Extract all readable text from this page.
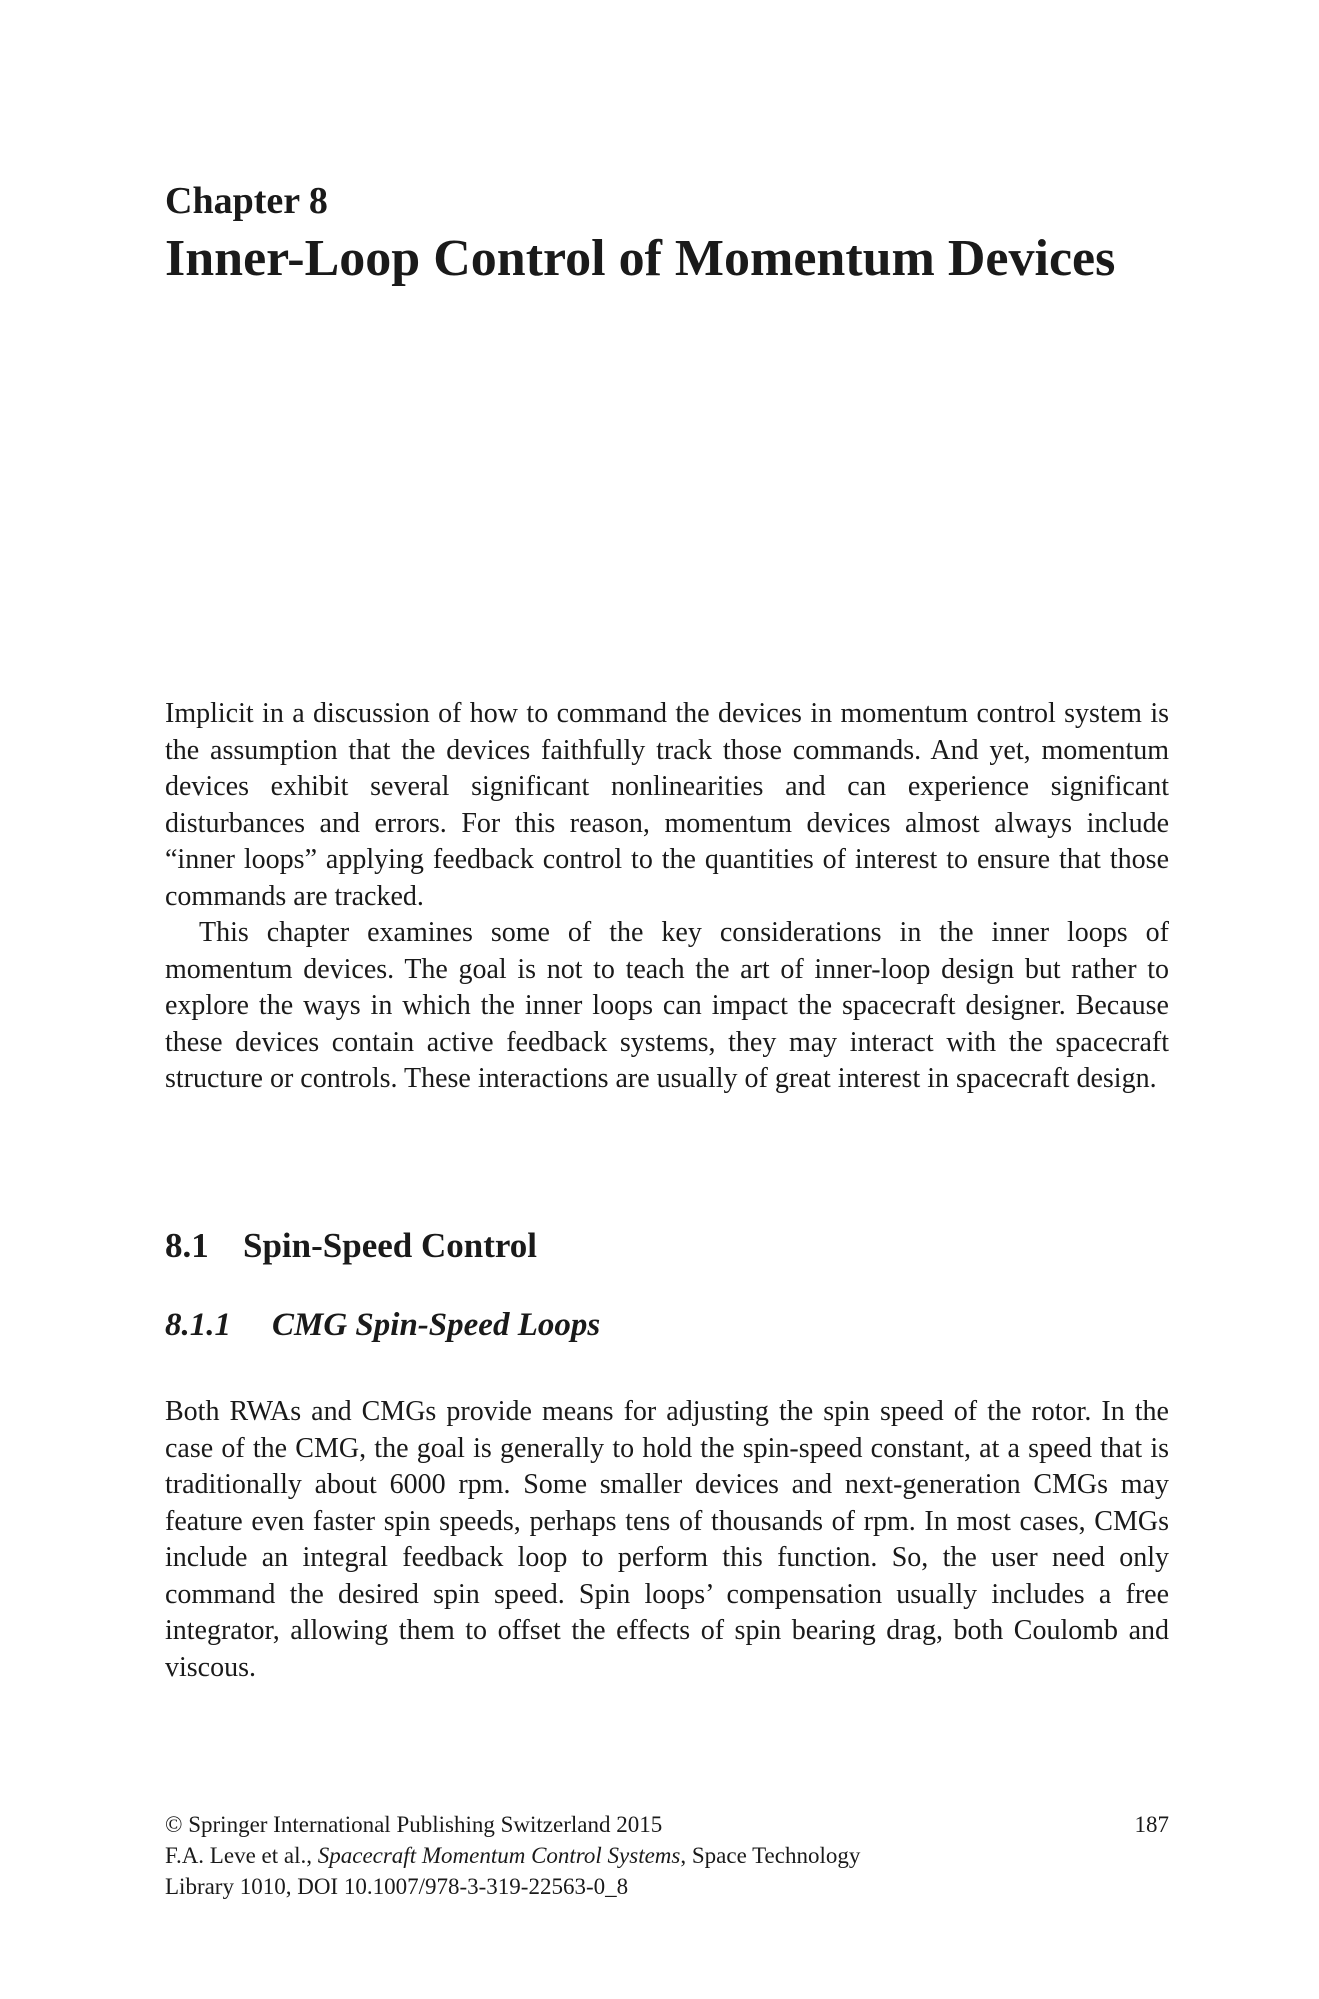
Chapter 8
Inner-Loop Control of Momentum Devices

Implicit in a discussion of how to command the devices in momentum control system is the assumption that the devices faithfully track those commands. And yet, momentum devices exhibit several significant nonlinearities and can experience significant disturbances and errors. For this reason, momentum devices almost always include “inner loops” applying feedback control to the quantities of interest to ensure that those commands are tracked.

This chapter examines some of the key considerations in the inner loops of momentum devices. The goal is not to teach the art of inner-loop design but rather to explore the ways in which the inner loops can impact the spacecraft designer. Because these devices contain active feedback systems, they may interact with the spacecraft structure or controls. These interactions are usually of great interest in spacecraft design.

8.1 Spin-Speed Control
8.1.1 CMG Spin-Speed Loops

Both RWAs and CMGs provide means for adjusting the spin speed of the rotor. In the case of the CMG, the goal is generally to hold the spin-speed constant, at a speed that is traditionally about 6000 rpm. Some smaller devices and next-generation CMGs may feature even faster spin speeds, perhaps tens of thousands of rpm. In most cases, CMGs include an integral feedback loop to perform this function. So, the user need only command the desired spin speed. Spin loops’ compensation usually includes a free integrator, allowing them to offset the effects of spin bearing drag, both Coulomb and viscous.

© Springer International Publishing Switzerland 2015	187
F.A. Leve et al., Spacecraft Momentum Control Systems, Space Technology
Library 1010, DOI 10.1007/978-3-319-22563-0_8
